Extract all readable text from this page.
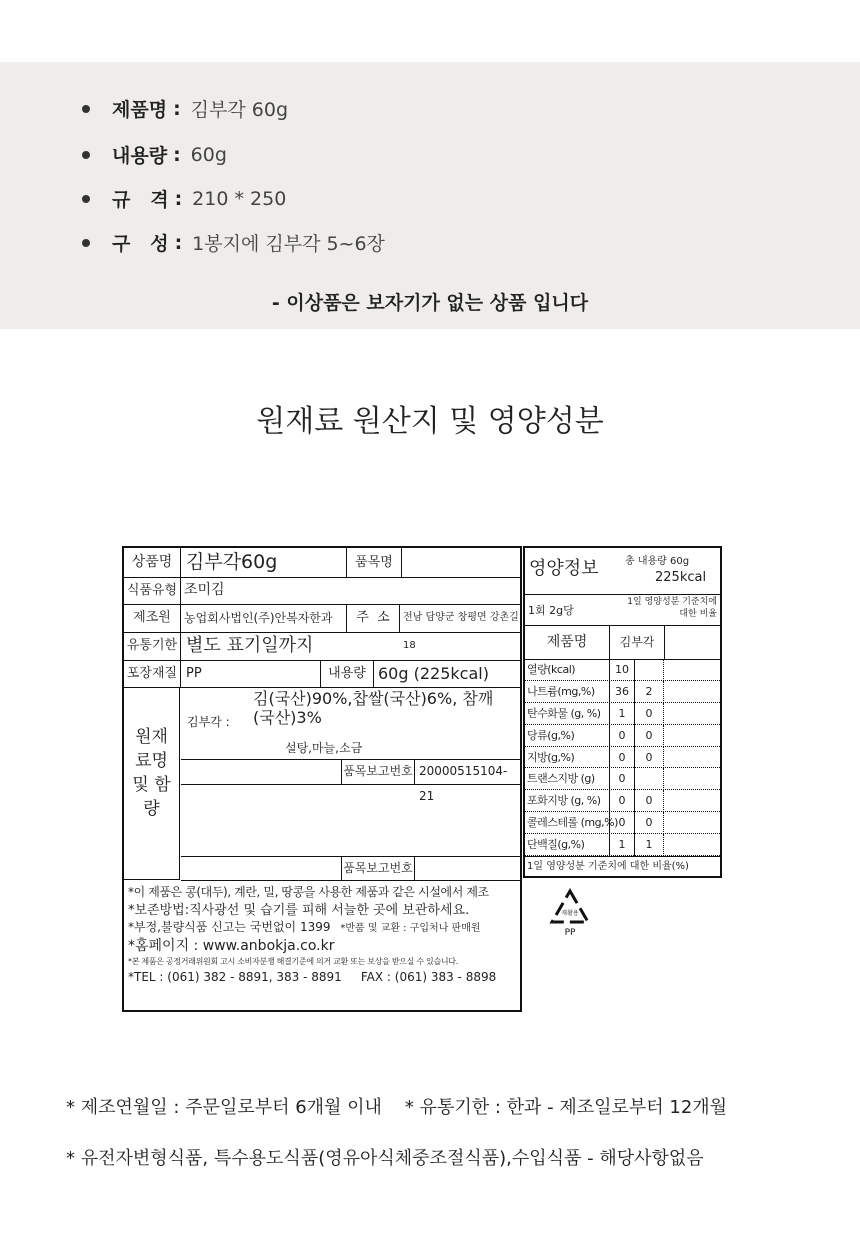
제품명 : 김부각 60g
내용량 : 60g
규   격 : 210 * 250
구   성 : 1봉지에 김부각 5~6장
- 이상품은 보자기가 없는 상품 입니다
원재료 원산지 및 영양성분
상품명 김부각60g	품목명
식품유형 조미김
제조원	농업회사법인(주)안복자한과	주  소	전남 담양군 창평면 강촌길 18
유통기한 별도 표기일까지
포장재질 PP	내용량 60g (225kcal)
원재료명 및 함량
김부각 :
김(국산)90%,찹쌀(국산)6%, 참깨(국산)3%
설탕,마늘,소금
품목보고번호 20000515104-21
품목보고번호
*이 제품은 콩(대두), 계란, 밀, 땅콩을 사용한 제품과 같은 시설에서 제조
*보존방법:직사광선 및 습기를 피해 서늘한 곳에 보관하세요.
*부정,불량식품 신고는 국번없이 1399 *반품 및 교환 : 구입처나 판매원
*홈페이지 : www.anbokja.co.kr
*본 제품은 공정거래위원회 고시 소비자분쟁 해결기준에 의거 교환 또는 보상을 받으실 수 있습니다.
*TEL : (061) 382 - 8891, 383 - 8891     FAX : (061) 383 - 8898
영양정보	총 내용량 60g
225kcal
1회 2g당
1일 영양성분 기준치에 대한 비율
제품명	김부각
열량(kcal)	10
나트륨(mg,%)	36	2
탄수화물 (g, %)	1	0
당류(g,%)	0	0
지방(g,%)	0	0
트랜스지방 (g)	0
포화지방 (g, %)	0	0
콜레스테롤 (mg,%) 0	0
단백질(g,%)	1	1
1일 영양성분 기준치에 대한 비율(%)
재활용
PP
* 제조연월일 : 주문일로부터 6개월 이내    * 유통기한 : 한과 - 제조일로부터 12개월
* 유전자변형식품, 특수용도식품(영유아식체중조절식품),수입식품 - 해당사항없음
